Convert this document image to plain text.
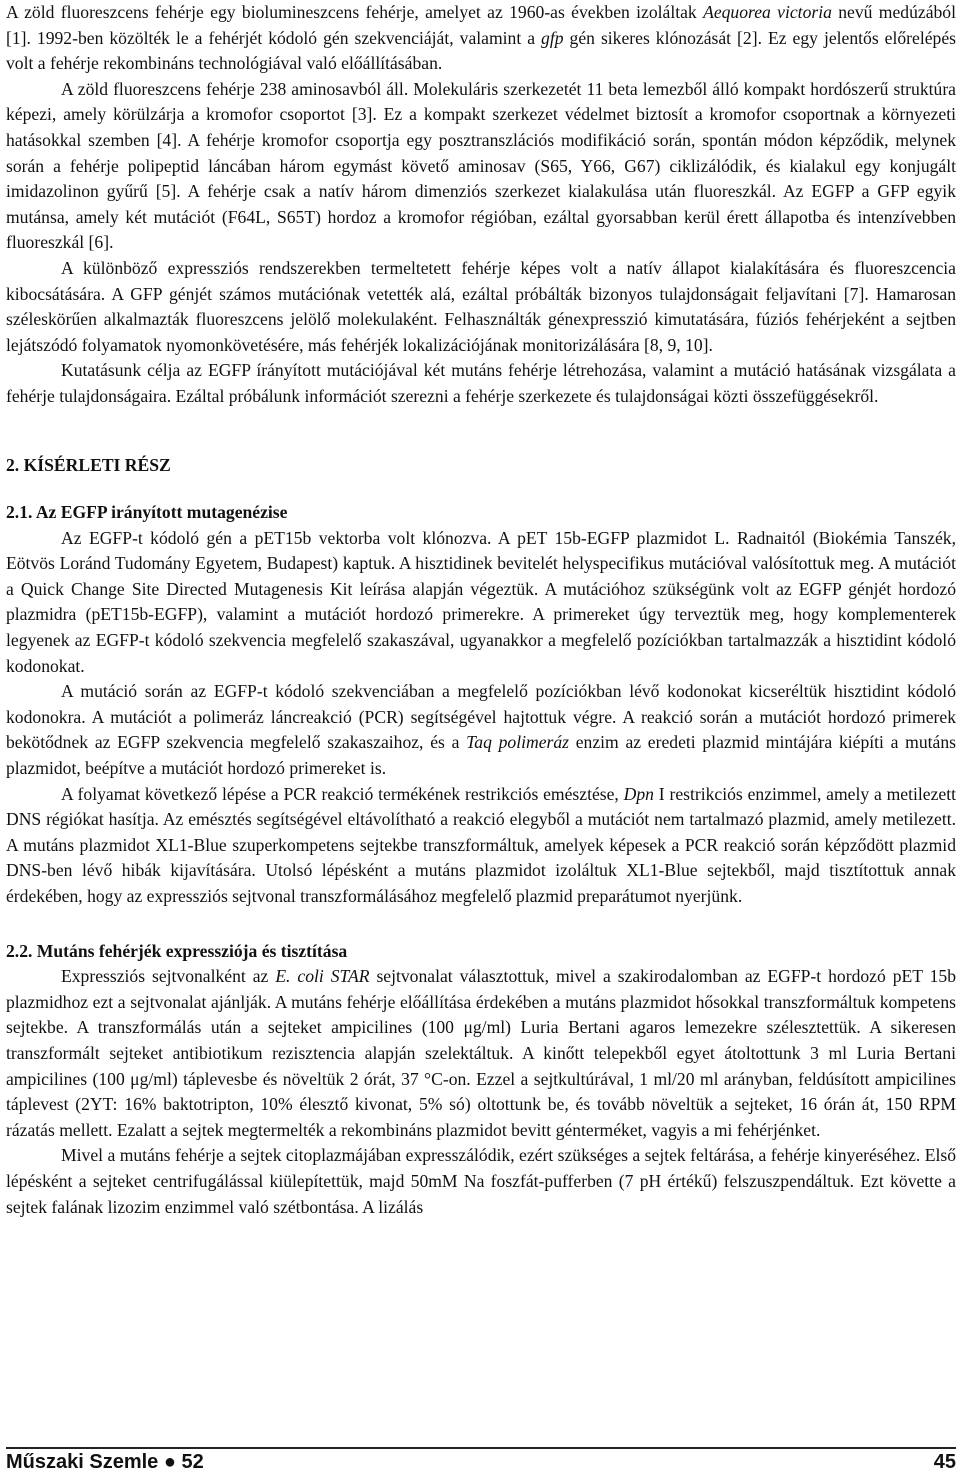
A zöld fluoreszcens fehérje egy biolumineszcens fehérje, amelyet az 1960-as években izoláltak Aequorea victoria nevű medúzából [1]. 1992-ben közölték le a fehérjét kódoló gén szekvenciáját, valamint a gfp gén sikeres klónozását [2]. Ez egy jelentős előrelépés volt a fehérje rekombináns technológiával való előállításában.

A zöld fluoreszcens fehérje 238 aminosavból áll. Molekuláris szerkezetét 11 beta lemezből álló kompakt hordószerű struktúra képezi, amely körülzárja a kromofor csoportot [3]. Ez a kompakt szerkezet védelmet biztosít a kromofor csoportnak a környezeti hatásokkal szemben [4]. A fehérje kromofor csoportja egy posztranszlációs modifikáció során, spontán módon képződik, melynek során a fehérje polipeptid láncában három egymást követő aminosav (S65, Y66, G67) ciklizálódik, és kialakul egy konjugált imidazolinon gyűrű [5]. A fehérje csak a natív három dimenziós szerkezet kialakulása után fluoreszkál. Az EGFP a GFP egyik mutánsa, amely két mutációt (F64L, S65T) hordoz a kromofor régióban, ezáltal gyorsabban kerül érett állapotba és intenzívebben fluoreszkál [6].

A különböző expressziós rendszerekben termeltetett fehérje képes volt a natív állapot kialakítására és fluoreszcencia kibocsátására. A GFP génjét számos mutációnak vetették alá, ezáltal próbálták bizonyos tulajdonságait feljavítani [7]. Hamarosan széleskörűen alkalmazták fluoreszcens jelölő molekulaként. Felhasználták génexpresszió kimutatására, fúziós fehérjeként a sejtben lejátszódó folyamatok nyomonkövetésére, más fehérjék lokalizációjának monitorizálására [8, 9, 10].

Kutatásunk célja az EGFP írányított mutációjával két mutáns fehérje létrehozása, valamint a mutáció hatásának vizsgálata a fehérje tulajdonságaira. Ezáltal próbálunk információt szerezni a fehérje szerkezete és tulajdonságai közti összefüggésekről.

2. KÍSÉRLETI RÉSZ
2.1. Az EGFP irányított mutagenézise

Az EGFP-t kódoló gén a pET15b vektorba volt klónozva. A pET 15b-EGFP plazmidot L. Radnaitól (Biokémia Tanszék, Eötvös Loránd Tudomány Egyetem, Budapest) kaptuk. A hisztidinek bevitelét helyspecifikus mutációval valósítottuk meg. A mutációt a Quick Change Site Directed Mutagenesis Kit leírása alapján végeztük. A mutációhoz szükségünk volt az EGFP génjét hordozó plazmidra (pET15b-EGFP), valamint a mutációt hordozó primerekre. A primereket úgy terveztük meg, hogy komplementerek legyenek az EGFP-t kódoló szekvencia megfelelő szakaszával, ugyanakkor a megfelelő pozíciókban tartalmazzák a hisztidint kódoló kodonokat.

A mutáció során az EGFP-t kódoló szekvenciában a megfelelő pozíciókban lévő kodonokat kicseréltük hisztidint kódoló kodonokra. A mutációt a polimeráz láncreakció (PCR) segítségével hajtottuk végre. A reakció során a mutációt hordozó primerek bekötődnek az EGFP szekvencia megfelelő szakaszaihoz, és a Taq polimeráz enzim az eredeti plazmid mintájára kiépíti a mutáns plazmidot, beépítve a mutációt hordozó primereket is.

A folyamat következő lépése a PCR reakció termékének restrikciós emésztése, Dpn I restrikciós enzimmel, amely a metilezett DNS régiókat hasítja. Az emésztés segítségével eltávolítható a reakció elegyből a mutációt nem tartalmazó plazmid, amely metilezett. A mutáns plazmidot XL1-Blue szuperkompetens sejtekbe transzformáltuk, amelyek képesek a PCR reakció során képződött plazmid DNS-ben lévő hibák kijavítására. Utolsó lépésként a mutáns plazmidot izoláltuk XL1-Blue sejtekből, majd tisztítottuk annak érdekében, hogy az expressziós sejtvonal transzformálásához megfelelő plazmid preparátumot nyerjünk.

2.2. Mutáns fehérjék expressziója és tisztítása

Expressziós sejtvonalként az E. coli STAR sejtvonalat választottuk, mivel a szakirodalomban az EGFP-t hordozó pET 15b plazmidhoz ezt a sejtvonalat ajánlják. A mutáns fehérje előállítása érdekében a mutáns plazmidot hősokkal transzformáltuk kompetens sejtekbe. A transzformálás után a sejteket ampicilines (100 μg/ml) Luria Bertani agaros lemezekre szélesztettük. A sikeresen transzformált sejteket antibiotikum rezisztencia alapján szelektáltuk. A kinőtt telepekből egyet átoltottunk 3 ml Luria Bertani ampicilines (100 μg/ml) táplevesbe és növeltük 2 órát, 37 °C-on. Ezzel a sejtkultúrával, 1 ml/20 ml arányban, feldúsított ampicilines táplevest (2YT: 16% baktotripton, 10% élesztő kivonat, 5% só) oltottunk be, és tovább növeltük a sejteket, 16 órán át, 150 RPM rázatás mellett. Ezalatt a sejtek megtermelték a rekombináns plazmidot bevitt génterméket, vagyis a mi fehérjénket.

Mivel a mutáns fehérje a sejtek citoplazmájában expresszálódik, ezért szükséges a sejtek feltárása, a fehérje kinyeréséhez. Első lépésként a sejteket centrifugálással kiülepítettük, majd 50mM Na foszfát-pufferben (7 pH értékű) felszuszpendáltuk. Ezt követte a sejtek falának lizozim enzimmel való szétbontása. A lizálás

Műszaki Szemle ● 52	45
